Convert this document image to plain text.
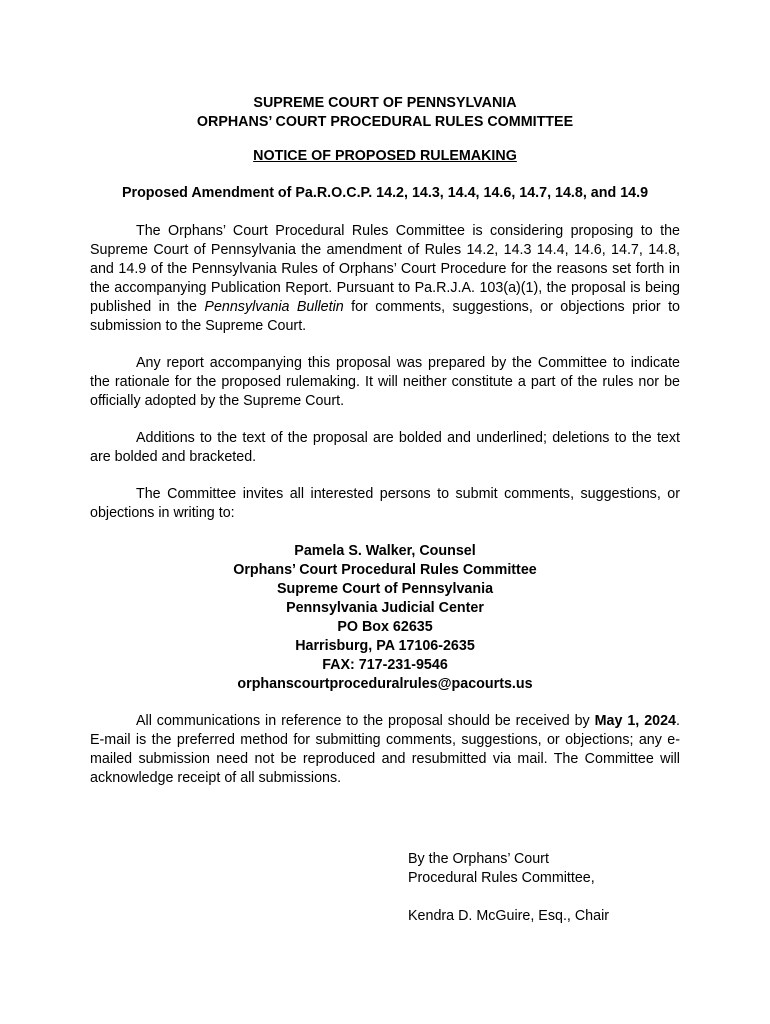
SUPREME COURT OF PENNSYLVANIA
ORPHANS’ COURT PROCEDURAL RULES COMMITTEE
NOTICE OF PROPOSED RULEMAKING
Proposed Amendment of Pa.R.O.C.P. 14.2, 14.3, 14.4, 14.6, 14.7, 14.8, and 14.9

The Orphans’ Court Procedural Rules Committee is considering proposing to the Supreme Court of Pennsylvania the amendment of Rules 14.2, 14.3 14.4, 14.6, 14.7, 14.8, and 14.9 of the Pennsylvania Rules of Orphans’ Court Procedure for the reasons set forth in the accompanying Publication Report. Pursuant to Pa.R.J.A. 103(a)(1), the proposal is being published in the Pennsylvania Bulletin for comments, suggestions, or objections prior to submission to the Supreme Court.

Any report accompanying this proposal was prepared by the Committee to indicate the rationale for the proposed rulemaking. It will neither constitute a part of the rules nor be officially adopted by the Supreme Court.

Additions to the text of the proposal are bolded and underlined; deletions to the text are bolded and bracketed.

The Committee invites all interested persons to submit comments, suggestions, or objections in writing to:

Pamela S. Walker, Counsel
Orphans’ Court Procedural Rules Committee
Supreme Court of Pennsylvania
Pennsylvania Judicial Center
PO Box 62635
Harrisburg, PA 17106-2635
FAX: 717-231-9546
orphanscourtproceduralrules@pacourts.us

All communications in reference to the proposal should be received by May 1, 2024. E-mail is the preferred method for submitting comments, suggestions, or objections; any e-mailed submission need not be reproduced and resubmitted via mail. The Committee will acknowledge receipt of all submissions.

By the Orphans’ Court
Procedural Rules Committee,
Kendra D. McGuire, Esq., Chair
